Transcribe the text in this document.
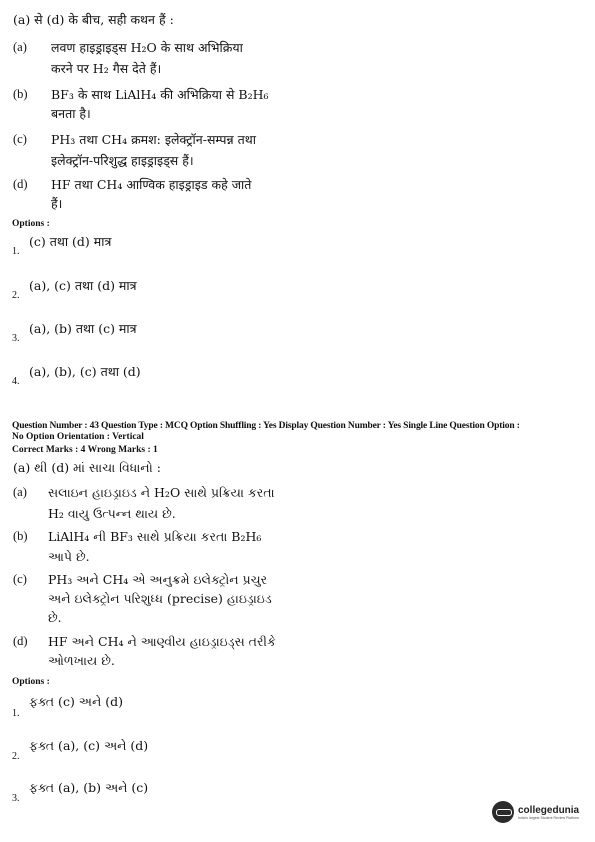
(a) से (d) के बीच, सही कथन हैं :
(a) लवण हाइड्राइड्स H₂O के साथ अभिक्रिया
करने पर H₂ गैस देते हैं।
(b) BF₃ के साथ LiAlH₄ की अभिक्रिया से B₂H₆
बनता है।
(c) PH₃ तथा CH₄ क्रमश: इलेक्ट्रॉन-सम्पन्न तथा
इलेक्ट्रॉन-परिशुद्ध हाइड्राइड्स हैं।
(d) HF तथा CH₄ आण्विक हाइड्राइड कहे जाते
हैं।
Options :
1.
(c) तथा (d) मात्र
2.
(a), (c) तथा (d) मात्र
3.
(a), (b) तथा (c) मात्र
4.
(a), (b), (c) तथा (d)
Question Number : 43 Question Type : MCQ Option Shuffling : Yes Display Question Number : Yes Single Line Question Option :
No Option Orientation : Vertical
Correct Marks : 4 Wrong Marks : 1
(a) થી (d) માં સાચા વિધાનો :
(a) સલાઇન હાઇડ્રાઇડ ને H₂O સાથે પ્રક્રિયા કરતા
H₂ વાયુ ઉત્પન્ન થાય છે.
(b) LiAlH₄ ની BF₃ સાથે પ્રક્રિયા કરતા B₂H₆
આપે છે.
(c) PH₃ અને CH₄ એ અનુક્રમે ઇલેક્ટ્રોન પ્રચુર
અને ઇલેક્ટ્રોન પરિશુધ્ધ (precise) હાઇડ્રાઇડ
છે.
(d) HF અને CH₄ ને આણ્વીય હાઇડ્રાઇડ્સ તરીકે
ઓળખાય છે.
Options :
1.
ફક્ત (c) અને (d)
2.
ફક્ત (a), (c) અને (d)
3.
ફક્ત (a), (b) અને (c)
collegedunia
India's largest Student Review Platform
